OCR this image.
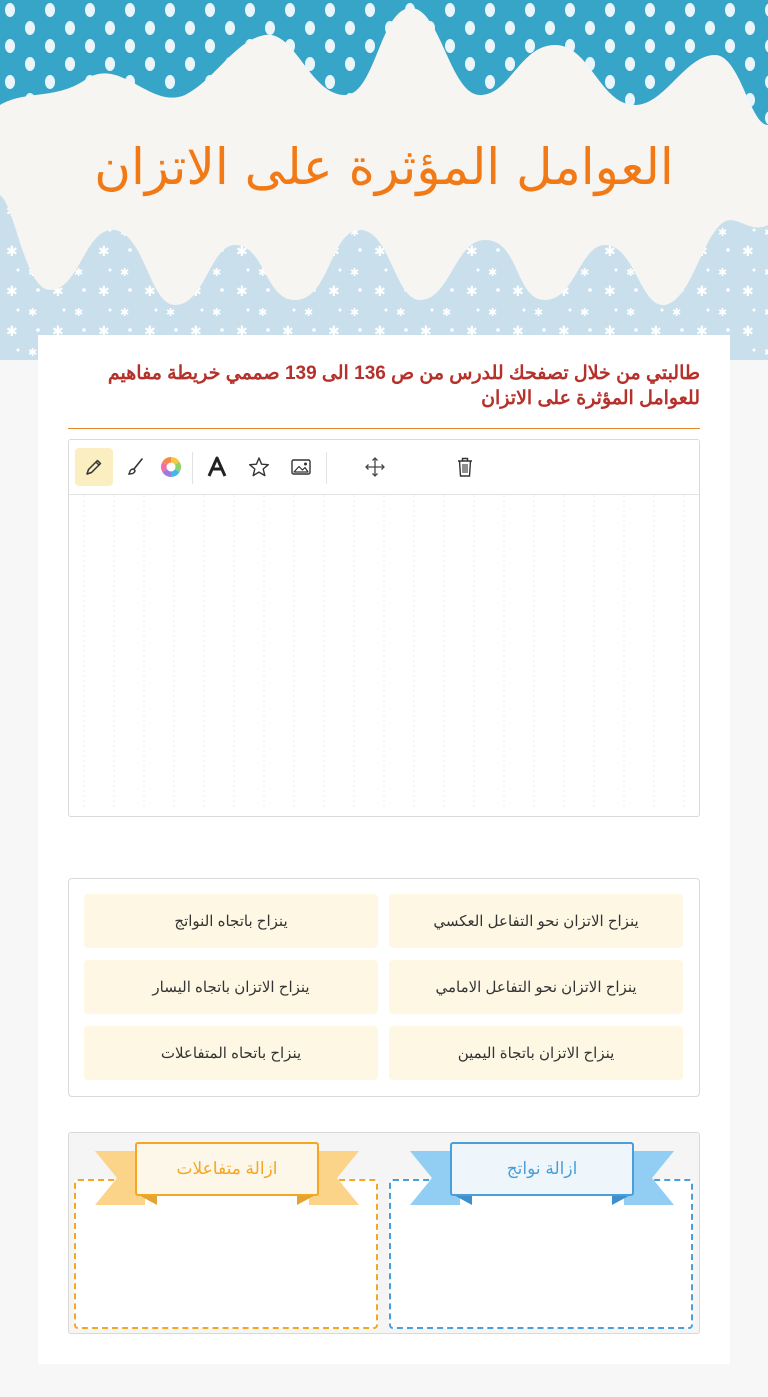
العوامل المؤثرة على الاتزان
طالبتي من خلال تصفحك للدرس من ص 136 الى 139 صممي خريطة مفاهيم للعوامل المؤثرة على الاتزان
ينزاح الاتزان نحو التفاعل العكسي
ينزاح باتجاه النواتج
ينزاح الاتزان نحو التفاعل الامامي
ينزاح الاتزان باتجاه اليسار
ينزاح الاتزان باتجاة اليمين
ينزاح باتحاه المتفاعلات
ازالة متفاعلات	ازالة نواتج
